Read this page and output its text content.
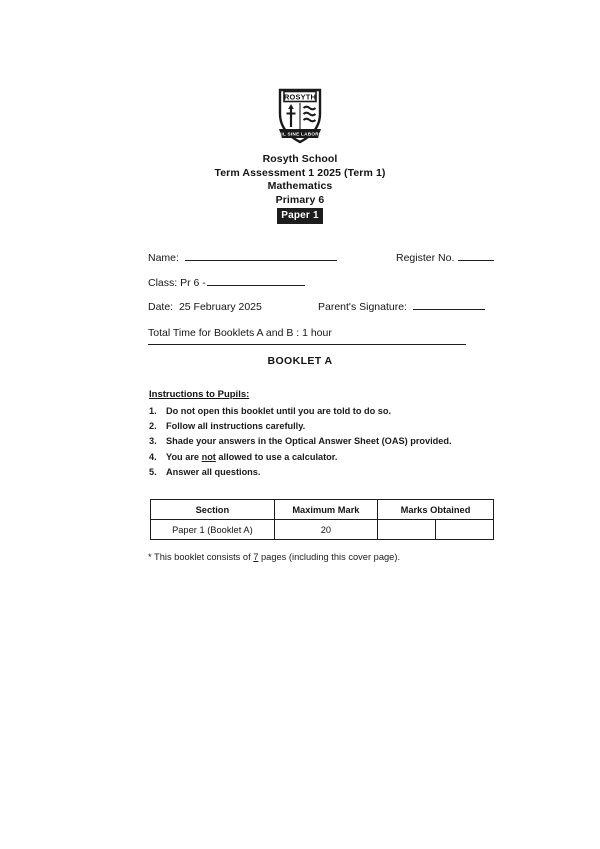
ROSYTH
NIL SINE LABORE
Rosyth School
Term Assessment 1 2025 (Term 1)
Mathematics
Primary 6
Paper 1
Name:	Register No.
Class: Pr 6 -
Date: 25 February 2025	Parent's Signature:
Total Time for Booklets A and B : 1 hour
BOOKLET A
Instructions to Pupils:
1. Do not open this booklet until you are told to do so.
2. Follow all instructions carefully.
3. Shade your answers in the Optical Answer Sheet (OAS) provided.
4. You are not allowed to use a calculator.
5. Answer all questions.
Section	Maximum Mark	Marks Obtained	
Paper 1 (Booklet A)	20		
* This booklet consists of 7 pages (including this cover page).
